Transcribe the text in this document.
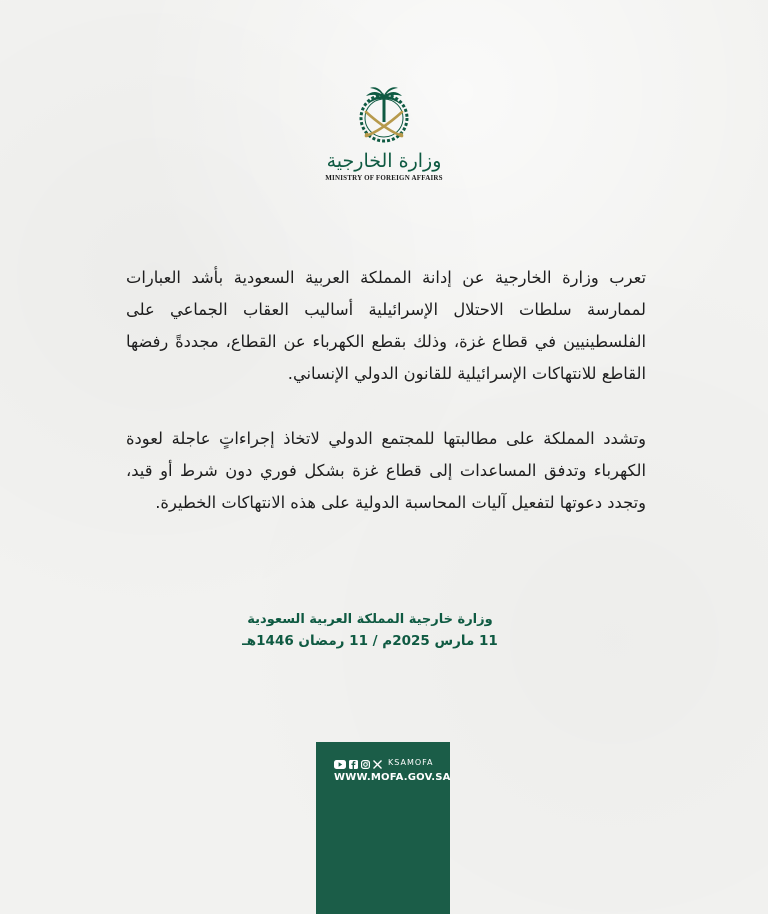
وزارة الخارجية
MINISTRY OF FOREIGN AFFAIRS

تعرب وزارة الخارجية عن إدانة المملكة العربية السعودية بأشد العبارات لممارسة سلطات الاحتلال الإسرائيلية أساليب العقاب الجماعي على الفلسطينيين في قطاع غزة، وذلك بقطع الكهرباء عن القطاع، مجددةً رفضها القاطع للانتهاكات الإسرائيلية للقانون الدولي الإنساني.

وتشدد المملكة على مطالبتها للمجتمع الدولي لاتخاذ إجراءاتٍ عاجلة لعودة الكهرباء وتدفق المساعدات إلى قطاع غزة بشكل فوري دون شرط أو قيد، وتجدد دعوتها لتفعيل آليات المحاسبة الدولية على هذه الانتهاكات الخطيرة.

وزارة خارجية المملكة العربية السعودية
11 مارس 2025م / 11 رمضان 1446هـ
KSAMOFA
WWW.MOFA.GOV.SA
